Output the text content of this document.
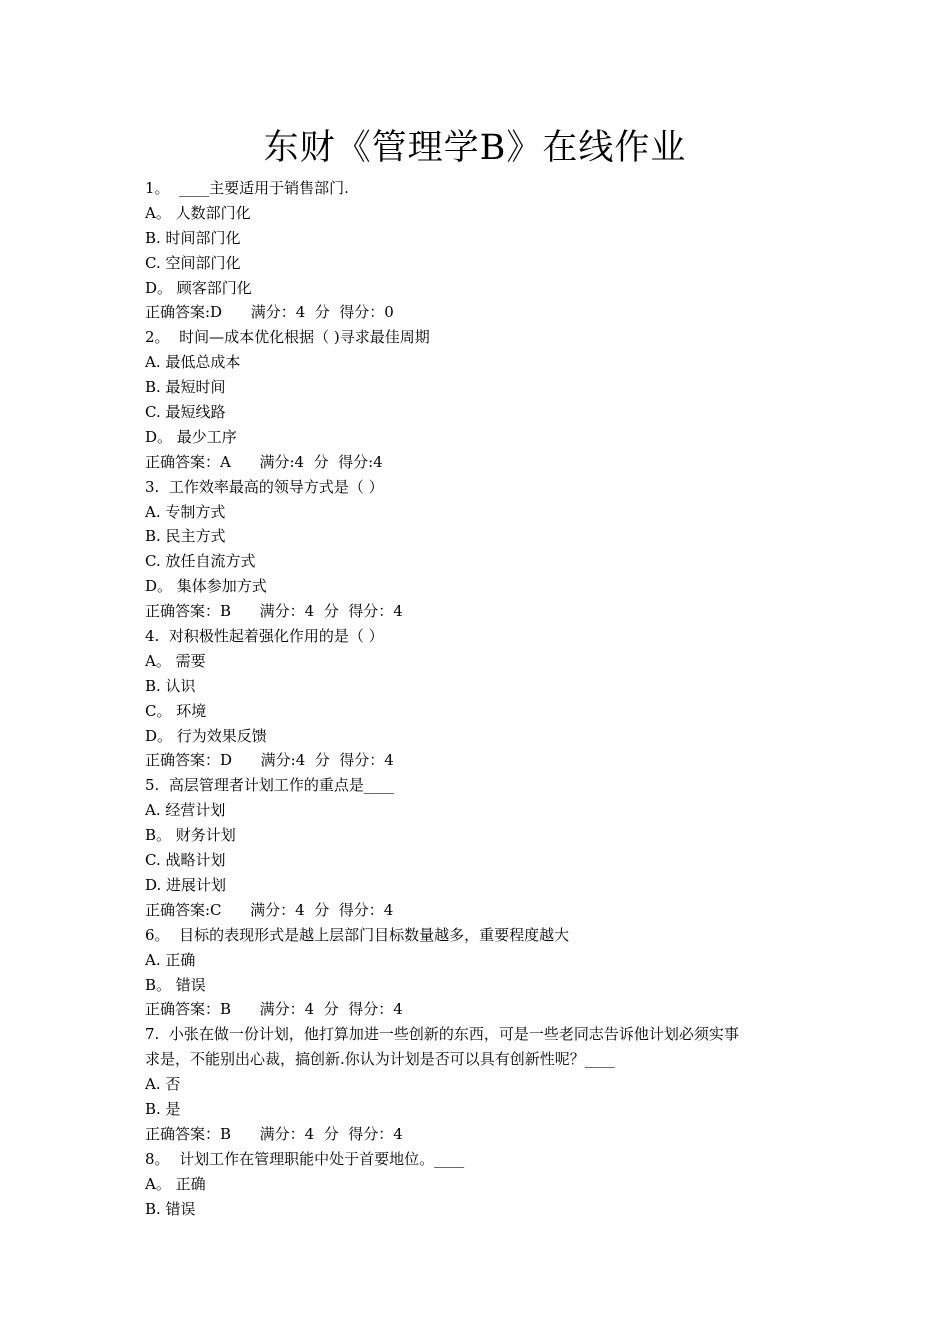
东财《管理学B》在线作业
1。  ____主要适用于销售部门.
A。 人数部门化
B. 时间部门化
C. 空间部门化
D。 顾客部门化
正确答案:D      满分：4  分  得分：0
2。  时间—成本优化根据（ )寻求最佳周期
A. 最低总成本
B. 最短时间
C. 最短线路
D。 最少工序
正确答案：A      满分:4  分  得分:4
3.  工作效率最高的领导方式是（ ）
A. 专制方式
B. 民主方式
C. 放任自流方式
D。 集体参加方式
正确答案：B      满分：4  分  得分：4
4.  对积极性起着强化作用的是（ ）
A。 需要
B. 认识
C。 环境
D。 行为效果反馈
正确答案：D      满分:4  分  得分：4
5.  高层管理者计划工作的重点是____
A. 经营计划
B。 财务计划
C. 战略计划
D. 进展计划
正确答案:C      满分：4  分  得分：4
6。  目标的表现形式是越上层部门目标数量越多，重要程度越大
A. 正确
B。 错误
正确答案：B      满分：4  分  得分：4
7.  小张在做一份计划，他打算加进一些创新的东西，可是一些老同志告诉他计划必须实事
求是，不能别出心裁，搞创新.你认为计划是否可以具有创新性呢？____
A. 否
B. 是
正确答案：B      满分：4  分  得分：4
8。  计划工作在管理职能中处于首要地位。____
A。 正确
B. 错误
